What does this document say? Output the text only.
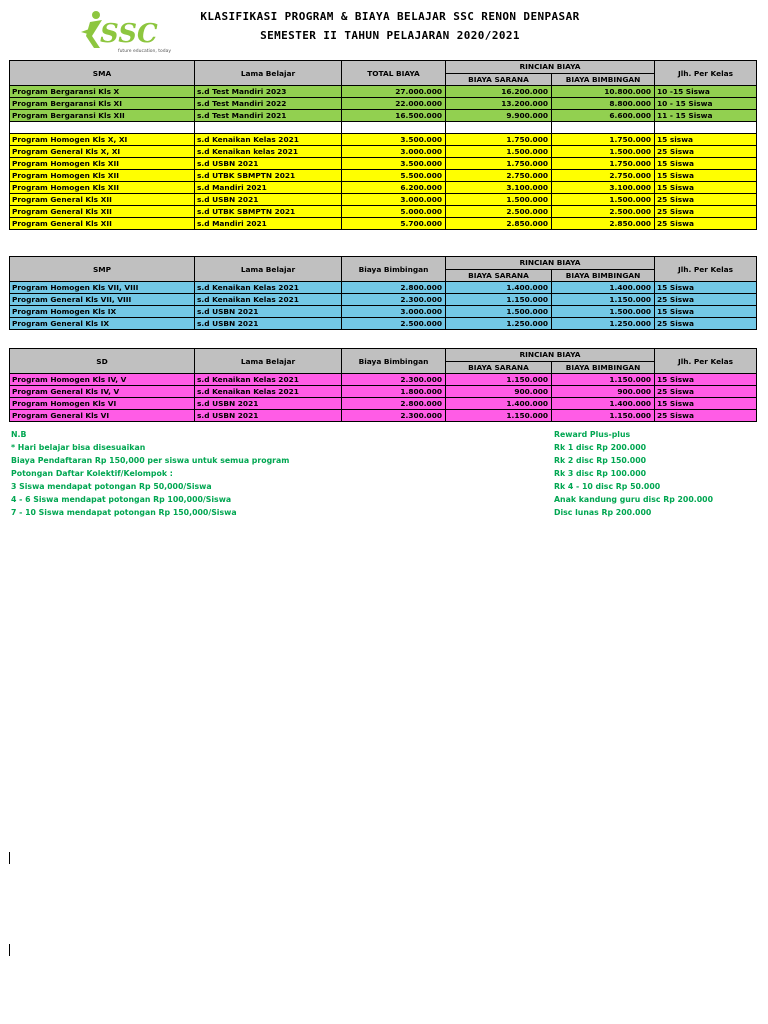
SSC
future education, today
KLASIFIKASI PROGRAM & BIAYA BELAJAR SSC RENON DENPASAR
SEMESTER II TAHUN PELAJARAN 2020/2021
SMA	Lama Belajar	TOTAL BIAYA	RINCIAN BIAYA		Jlh. Per Kelas
			BIAYA SARANA	BIAYA BIMBINGAN	
Program Bergaransi Kls X	s.d Test Mandiri 2023	27.000.000	16.200.000	10.800.000	10 -15 Siswa
Program Bergaransi Kls XI	s.d Test Mandiri 2022	22.000.000	13.200.000	8.800.000	10 - 15 Siswa
Program Bergaransi Kls XII	s.d Test Mandiri 2021	16.500.000	9.900.000	6.600.000	11 - 15 Siswa

Program Homogen Kls X, XI	s.d Kenaikan Kelas 2021	3.500.000	1.750.000	1.750.000	15 siswa
Program General Kls X, XI	s.d Kenaikan kelas 2021	3.000.000	1.500.000	1.500.000	25 Siswa
Program Homogen Kls XII	s.d USBN 2021	3.500.000	1.750.000	1.750.000	15 Siswa
Program Homogen Kls XII	s.d UTBK SBMPTN 2021	5.500.000	2.750.000	2.750.000	15 Siswa
Program Homogen Kls XII	s.d Mandiri 2021	6.200.000	3.100.000	3.100.000	15 Siswa
Program General Kls XII	s.d USBN 2021	3.000.000	1.500.000	1.500.000	25 Siswa
Program General Kls XII	s.d UTBK SBMPTN 2021	5.000.000	2.500.000	2.500.000	25 Siswa
Program General Kls XII	s.d Mandiri 2021	5.700.000	2.850.000	2.850.000	25 Siswa
SMP	Lama Belajar	Biaya Bimbingan	RINCIAN BIAYA		Jlh. Per Kelas
			BIAYA SARANA	BIAYA BIMBINGAN	
Program Homogen Kls VII, VIII	s.d Kenaikan Kelas 2021	2.800.000	1.400.000	1.400.000	15 Siswa
Program General Kls VII, VIII	s.d Kenaikan Kelas 2021	2.300.000	1.150.000	1.150.000	25 Siswa
Program Homogen Kls IX	s.d USBN 2021	3.000.000	1.500.000	1.500.000	15 Siswa
Program General Kls IX	s.d USBN 2021	2.500.000	1.250.000	1.250.000	25 Siswa
SD	Lama Belajar	Biaya Bimbingan	RINCIAN BIAYA		Jlh. Per Kelas
			BIAYA SARANA	BIAYA BIMBINGAN	
Program Homogen Kls IV, V	s.d Kenaikan Kelas 2021	2.300.000	1.150.000	1.150.000	15 Siswa
Program General Kls IV, V	s.d Kenaikan Kelas 2021	1.800.000	900.000	900.000	25 Siswa
Program Homogen Kls VI	s.d USBN 2021	2.800.000	1.400.000	1.400.000	15 Siswa
Program General Kls VI	s.d USBN 2021	2.300.000	1.150.000	1.150.000	25 Siswa
N.B
* Hari belajar bisa disesuaikan
Biaya Pendaftaran Rp 150,000 per siswa untuk semua program
Potongan Daftar Kolektif/Kelompok :
3 Siswa mendapat potongan Rp 50,000/Siswa
4 - 6 Siswa mendapat potongan Rp 100,000/Siswa
7 - 10 Siswa mendapat potongan Rp 150,000/Siswa
Reward Plus-plus
Rk 1 disc Rp 200.000
Rk 2 disc Rp 150.000
Rk 3 disc Rp 100.000
Rk 4 - 10 disc Rp 50.000
Anak kandung guru disc Rp 200.000
Disc lunas Rp 200.000
